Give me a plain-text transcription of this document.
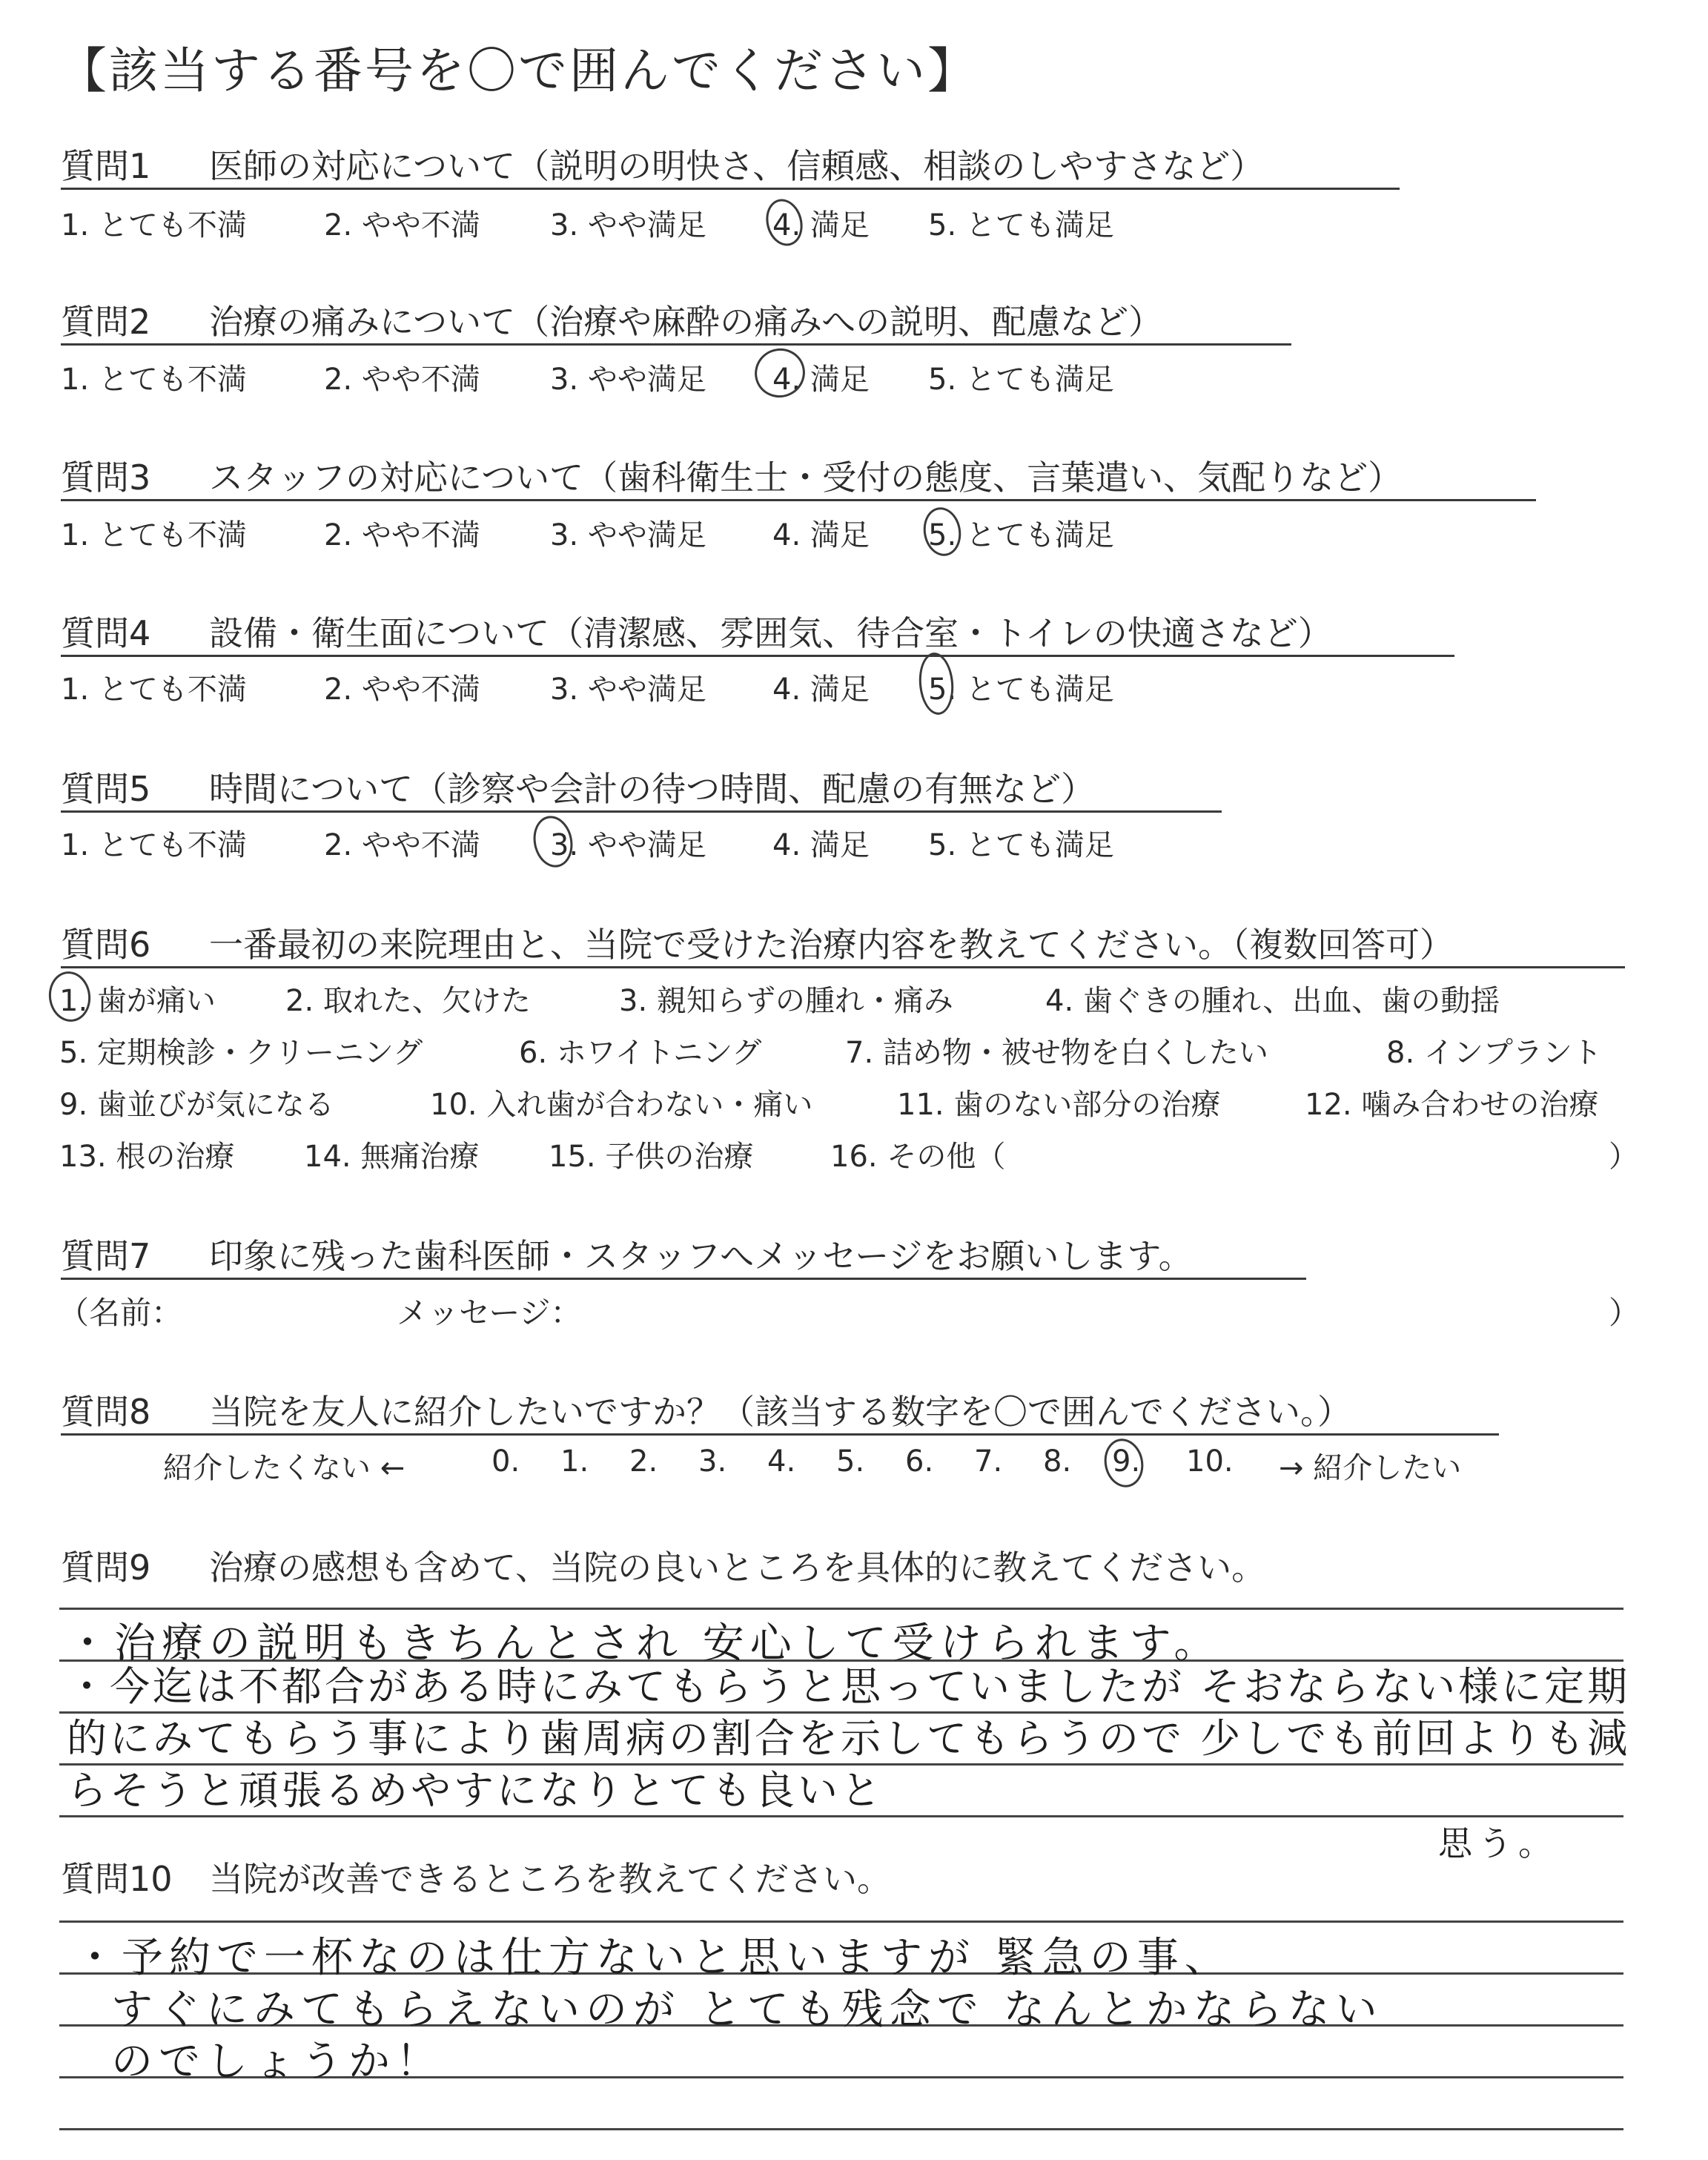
【該当する番号を〇で囲んでください】
質問1 医師の対応について（説明の明快さ、信頼感、相談のしやすさなど）
1. とても不満	2. やや不満 3. やや満足 4. 満足 5. とても満足
質問2 治療の痛みについて（治療や麻酔の痛みへの説明、配慮など）
1. とても不満	2. やや不満 3. やや満足 4. 満足 5. とても満足
質問3 スタッフの対応について（歯科衛生士・受付の態度、言葉遣い、気配りなど）
1. とても不満	2. やや不満 3. やや満足 4. 満足 5. とても満足
質問4 設備・衛生面について（清潔感、雰囲気、待合室・トイレの快適さなど）
1. とても不満	2. やや不満 3. やや満足 4. 満足 5. とても満足
質問5 時間について（診察や会計の待つ時間、配慮の有無など）
1. とても不満	2. やや不満 3. やや満足 4. 満足 5. とても満足
質問6 一番最初の来院理由と、当院で受けた治療内容を教えてください。（複数回答可）
1. 歯が痛い 2. 取れた、欠けた	3. 親知らずの腫れ・痛み	4. 歯ぐきの腫れ、出血、歯の動揺
5. 定期検診・クリーニング	6. ホワイトニング	7. 詰め物・被せ物を白くしたい	8. インプラント
9. 歯並びが気になる	10. 入れ歯が合わない・痛い	11. 歯のない部分の治療	12. 噛み合わせの治療
13. 根の治療 14. 無痛治療 15. 子供の治療	16. その他（	）
質問7 印象に残った歯科医師・スタッフへメッセージをお願いします。
（名前：	メッセージ：	）
質問8 当院を友人に紹介したいですか？（該当する数字を〇で囲んでください。）
紹介したくない ←	0. 1. 2. 3. 4. 5. 6. 7. 8. 9. 10. → 紹介したい
質問9 治療の感想も含めて、当院の良いところを具体的に教えてください。
・治療の説明もきちんとされ 安心して受けられます。
・今迄は不都合がある時にみてもらうと思っていましたが そおならない様に定期的にみてもらう事により歯周病の割合を示してもらうので 少しでも前回よりも減らそうと頑張るめやすになりとても良いと
思う。
質問10 当院が改善できるところを教えてください。
・予約で一杯なのは仕方ないと思いますが 緊急の事、
すぐにみてもらえないのが とても残念で なんとかならない
のでしょうか！
